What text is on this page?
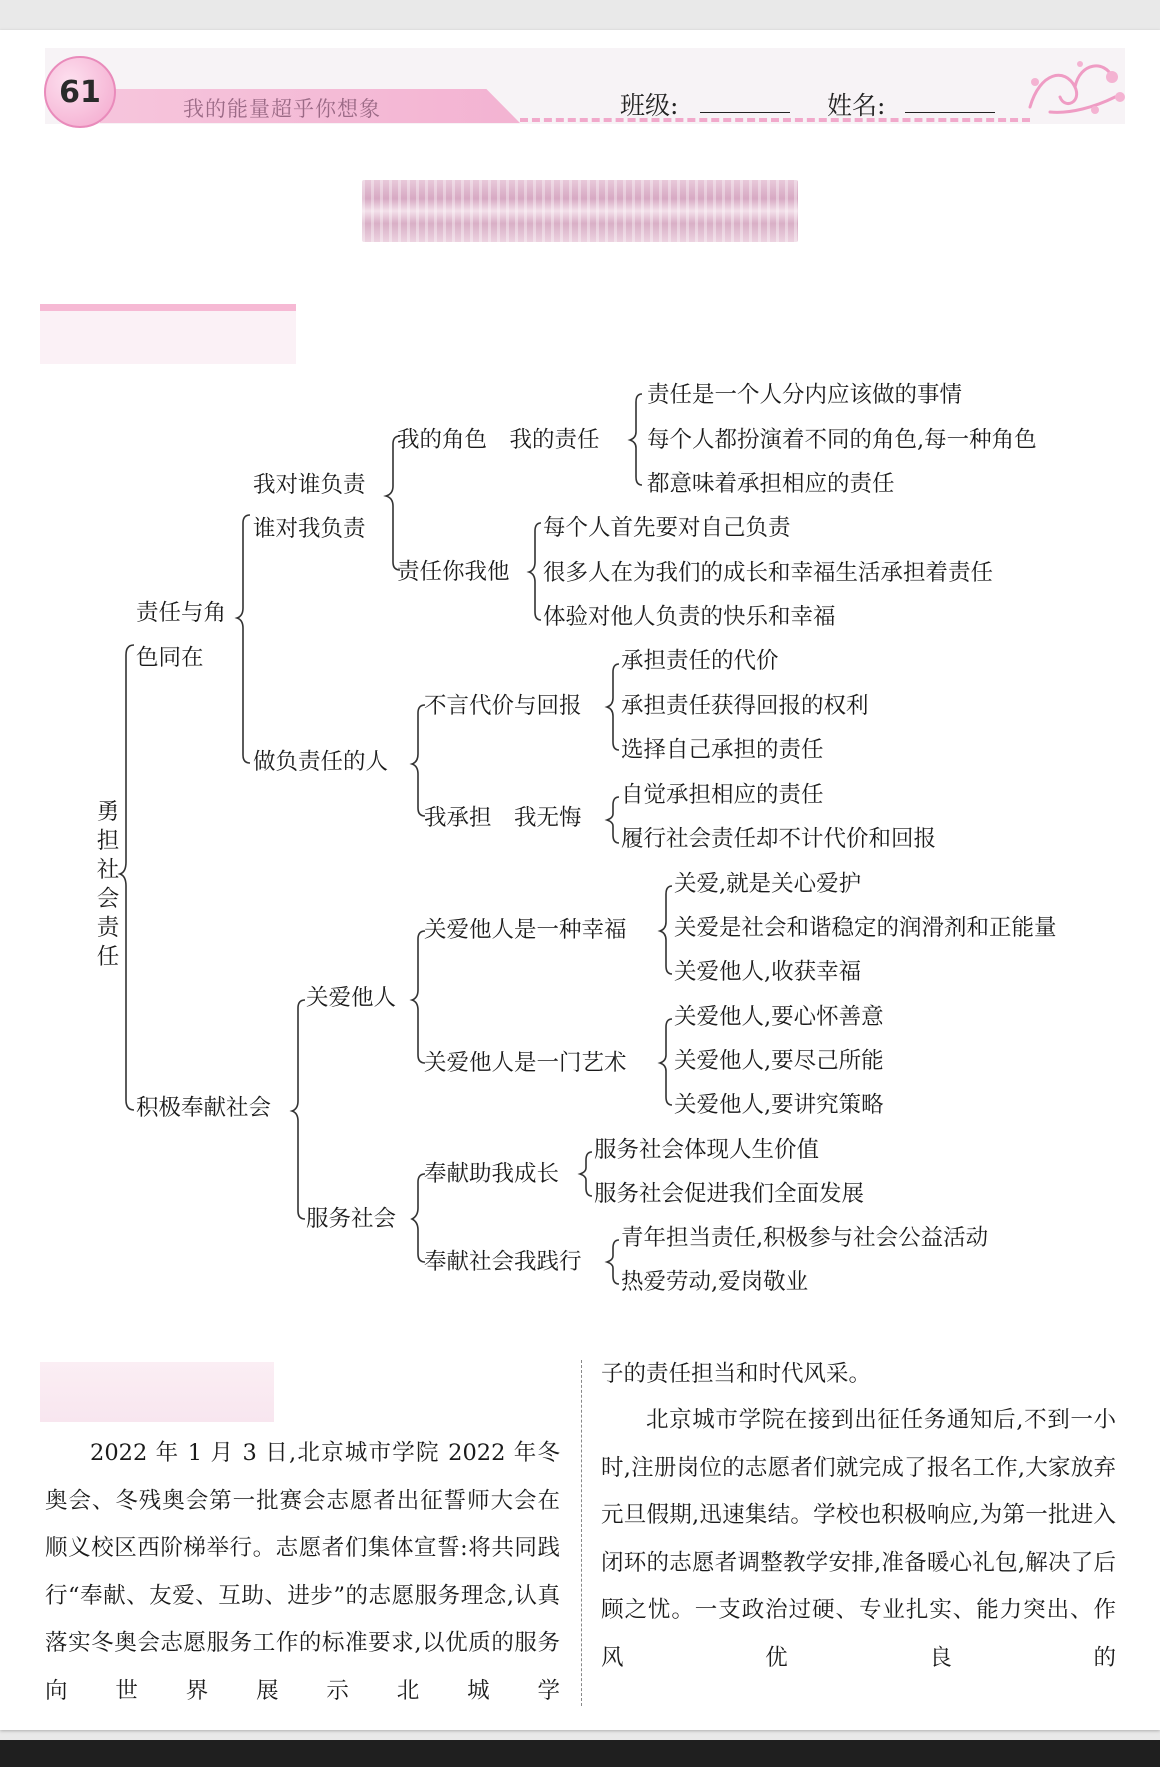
我的能量超乎你想象
61	班级:	姓名:
勇
担
社
会
责
任
责任与角
色同在
积极奉献社会
我对谁负责
谁对我负责
做负责任的人
我的角色　我的责任
责任你我他
不言代价与回报
我承担　我无悔
关爱他人
服务社会
关爱他人是一种幸福
关爱他人是一门艺术
奉献助我成长
奉献社会我践行
责任是一个人分内应该做的事情
每个人都扮演着不同的角色,每一种角色
都意味着承担相应的责任
每个人首先要对自己负责
很多人在为我们的成长和幸福生活承担着责任
体验对他人负责的快乐和幸福
承担责任的代价
承担责任获得回报的权利
选择自己承担的责任
自觉承担相应的责任
履行社会责任却不计代价和回报
关爱,就是关心爱护
关爱是社会和谐稳定的润滑剂和正能量
关爱他人,收获幸福
关爱他人,要心怀善意
关爱他人,要尽己所能
关爱他人,要讲究策略
服务社会体现人生价值
服务社会促进我们全面发展
青年担当责任,积极参与社会公益活动
热爱劳动,爱岗敬业
2022 年 1 月 3 日,北京城市学院 2022 年冬奥会、冬残奥会第一批赛会志愿者出征誓师大会在顺义校区西阶梯举行。志愿者们集体宣誓:将共同践行“奉献、友爱、互助、进步”的志愿服务理念,认真落实冬奥会志愿服务工作的标准要求,以优质的服务向世界展示北城学
子的责任担当和时代风采。
北京城市学院在接到出征任务通知后,不到一小时,注册岗位的志愿者们就完成了报名工作,大家放弃元旦假期,迅速集结。学校也积极响应,为第一批进入闭环的志愿者调整教学安排,准备暖心礼包,解决了后顾之忧。一支政治过硬、专业扎实、能力突出、作风优良的
